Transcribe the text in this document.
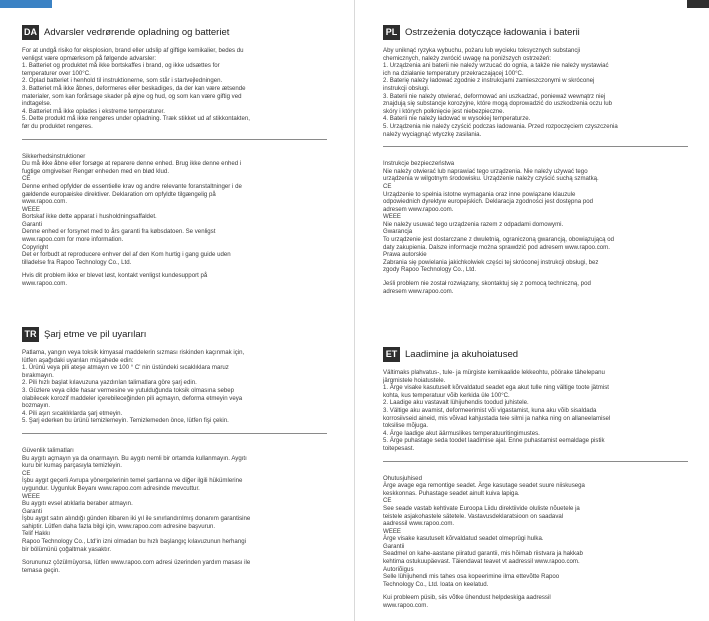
DA Advarsler vedrørende opladning og batteriet

For at undgå risiko for eksplosion, brand eller udslip af giftige kemikalier, bedes du

venligst være opmærksom på følgende advarsler:

1. Batteriet og produktet må ikke bortskaffes i brand, og ikke udsættes for

temperaturer over 100°C.

2. Oplad batteriet i henhold til instruktionerne, som står i startvejledningen.

3. Batteriet må ikke åbnes, deformeres eller beskadiges, da der kan være ætsende

materialer, som kan forårsage skader på øjne og hud, og som kan være giftig ved

indtagelse.

4. Batteriet må ikke oplades i ekstreme temperaturer.

5. Dette produkt må ikke rengøres under opladning. Træk stikket ud af stikkontakten,

før du produktet rengøres.

Sikkerhedsinstruktioner

Du må ikke åbne eller forsøge at reparere denne enhed. Brug ikke denne enhed i

fugtige omgivelser Rengør enheden med en blød klud.

CE

Denne enhed opfylder de essentielle krav og andre relevante foranstaltninger i de

gældende europæiske direktiver. Deklaration om opfyldte tilgængelig på

www.rapoo.com.

WEEE

Bortskaf ikke dette apparat i husholdningsaffaldet.

Garanti

Denne enhed er forsynet med to års garanti fra købsdatoen. Se venligst

www.rapoo.com for more information.

Copyright

Det er forbudt at reproducere enhver del af den Kom hurtig i gang guide uden

tilladelse fra Rapoo Technology Co., Ltd.

Hvis dit problem ikke er blevet løst, kontakt venligst kundesupport på

www.rapoo.com.

PL Ostrzeżenia dotyczące ładowania i baterii

Aby uniknąć ryzyka wybuchu, pożaru lub wycieku toksycznych substancji

chemicznych, należy zwrócić uwagę na poniższych ostrzeżeń:

1. Urządzenia ani baterii nie należy wrzucać do ognia, a także nie należy wystawiać

ich na działanie temperatury przekraczającej 100°C.

2. Baterię należy ładować zgodnie z instrukcjami zamieszczonymi w skróconej

instrukcji obsługi.

3. Baterii nie należy otwierać, deformować ani uszkadzać, ponieważ wewnątrz niej

znajdują się substancje korozyjne, które mogą doprowadzić do uszkodzenia oczu lub

skóry i których połknięcie jest niebezpieczne.

4. Baterii nie należy ładować w wysokiej temperaturze.

5. Urządzenia nie należy czyścić podczas ładowania. Przed rozpoczęciem czyszczenia

należy wyciągnąć wtyczkę zasilania.

Instrukcje bezpieczeństwa

Nie należy otwierać lub naprawiać tego urządzenia. Nie należy używać tego

urządzenia w wilgotnym środowisku. Urządzenie należy czyścić suchą szmatką.

CE

Urządzenie to spełnia istotne wymagania oraz inne powiązane klauzule

odpowiednich dyrektyw europejskich. Deklaracja zgodności jest dostępna pod

adresem www.rapoo.com.

WEEE

Nie należy usuwać tego urządzenia razem z odpadami domowymi.

Gwarancja

To urządzenie jest dostarczane z dwuletnią, ograniczoną gwarancją, obowiązującą od

daty zakupienia. Dalsze informacje można sprawdzić pod adresem www.rapoo.com.

Prawa autorskie

Zabrania się powielania jakichkolwiek części tej skróconej instrukcji obsługi, bez

zgody Rapoo Technology Co., Ltd.

Jeśli problem nie został rozwiązany, skontaktuj się z pomocą techniczną, pod

adresem www.rapoo.com.

TR Şarj etme ve pil uyarıları

Patlama, yangın veya toksik kimyasal maddelerin sızması riskinden kaçınmak için,

lütfen aşağıdaki uyarıları müşahede edin:

1. Ürünü veya pili ateşe atmayın ve 100 ° C' nin üstündeki sıcaklıklara maruz

bırakmayın.

2. Pili hızlı başlat kılavuzuna yazdırılan talimatlara göre şarj edin.

3. Güzlere veya cilde hasar vermesine ve yutulduğunda toksik olmasına sebep

olabilecek korozif maddeler içerebileceğinden pili açmayın, deforma etmeyin veya

bozmayın.

4. Pili aşırı sıcaklıklarda şarj etmeyin.

5. Şarj ederken bu ürünü temizlemeyin. Temizlemeden önce, lütfen fişi çekin.

Güvenlik talimatları

Bu aygıtı açmayın ya da onarmayın. Bu aygıtı nemli bir ortamda kullanmayın. Aygıtı

kuru bir kumaş parçasıyla temizleyin.

CE

İşbu aygıt geçerli Avrupa yönergelerinin temel şartlarına ve diğer ilgili hükümlerine

uygundur. Uygunluk Beyanı www.rapoo.com adresinde mevcuttur.

WEEE

Bu aygıtı evsel atıklarla beraber atmayın.

Garanti

İşbu aygıt satın alındığı günden itibaren iki yıl ile sınırlandırılmış donanım garantisine

sahiptir. Lütfen daha fazla bilgi için, www.rapoo.com adresine başvurun.

Telif Hakkı

Rapoo Technology Co., Ltd'in izni olmadan bu hızlı başlangıç kılavuzunun herhangi

bir bölümünü çoğaltmak yasaktır.

Sorununuz çözülmüyorsa, lütfen www.rapoo.com adresi üzerinden yardım masası ile

temasa geçin.

ET Laadimine ja akuhoiatused

Vältimaks plahvatus-, tule- ja mürgiste kemikaalide lekkeohtu, pöörake tähelepanu

järgmistele hoiatustele.

1. Ärge visake kasutuselt kõrvaldatud seadet ega akut tulle ning vältige toote jätmist

kohta, kus temperatuur võib kerkida üle 100°C.

2. Laadige aku vastavalt lühijuhendis toodud juhistele.

3. Vältige aku avamist, deformeerimist või vigastamist, kuna aku võib sisaldada

korrosiivseid aineid, mis võivad kahjustada teie silmi ja nahka ning on allaneelamisel

toksilise mõjuga.

4. Ärge laadige akut äärmuslikes temperatuuritingimustes.

5. Ärge puhastage seda toodet laadimise ajal. Enne puhastamist eemaldage pistik

toitepesast.

Ohutusjuhised

Ärge avage ega remontige seadet. Ärge kasutage seadet suure niiskusega

keskkonnas. Puhastage seadet ainult kuiva lapiga.

CE

See seade vastab kehtivate Euroopa Liidu direktiivide oluliste nõuetele ja

teistele asjakohastele sätetele. Vastavusdeklaratsioon on saadaval

aadressil www.rapoo.com.

WEEE

Ärge visake kasutuselt kõrvaldatud seadet olmeprügi hulka.

Garantii

Seadmel on kahe-aastane piiratud garantii, mis hõimab riistvara ja hakkab

kehtima ostukuupäevast. Täiendavat teavet vt aadressil www.rapoo.com.

Autoriõigus

Selle lühijuhendi mis tahes osa kopeerimine ilma ettevõtte Rapoo

Technology Co., Ltd. loata on keelatud.

Kui probleem püsib, siis võtke ühendust helpdeskiga aadressil

www.rapoo.com.
